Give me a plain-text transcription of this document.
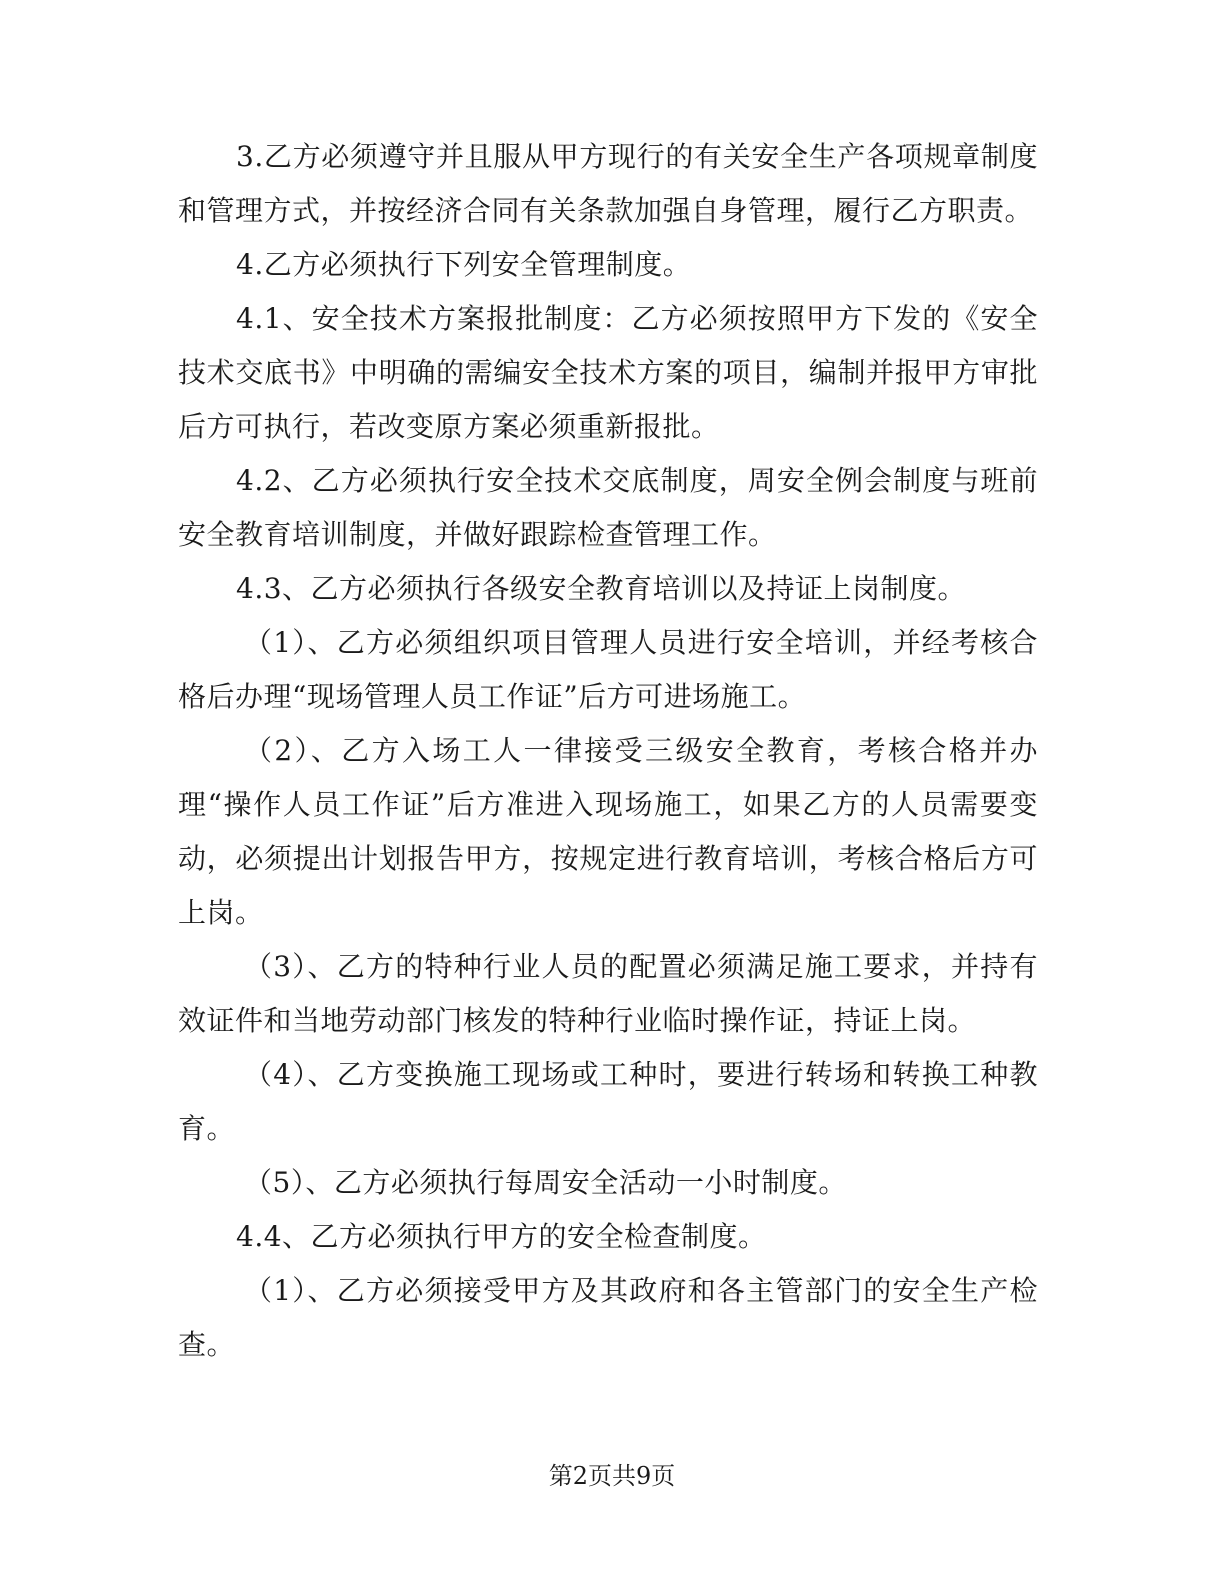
3.乙方必须遵守并且服从甲方现行的有关安全生产各项规章制度和管理方式，并按经济合同有关条款加强自身管理，履行乙方职责。

4.乙方必须执行下列安全管理制度。

4.1、安全技术方案报批制度：乙方必须按照甲方下发的《安全技术交底书》中明确的需编安全技术方案的项目，编制并报甲方审批后方可执行，若改变原方案必须重新报批。

4.2、乙方必须执行安全技术交底制度，周安全例会制度与班前安全教育培训制度，并做好跟踪检查管理工作。

4.3、乙方必须执行各级安全教育培训以及持证上岗制度。

（1）、乙方必须组织项目管理人员进行安全培训，并经考核合格后办理“现场管理人员工作证”后方可进场施工。

（2）、乙方入场工人一律接受三级安全教育，考核合格并办理“操作人员工作证”后方准进入现场施工，如果乙方的人员需要变动，必须提出计划报告甲方，按规定进行教育培训，考核合格后方可上岗。

（3）、乙方的特种行业人员的配置必须满足施工要求，并持有效证件和当地劳动部门核发的特种行业临时操作证，持证上岗。

（4）、乙方变换施工现场或工种时，要进行转场和转换工种教育。

（5）、乙方必须执行每周安全活动一小时制度。

4.4、乙方必须执行甲方的安全检查制度。

（1）、乙方必须接受甲方及其政府和各主管部门的安全生产检查。

第2页共9页
